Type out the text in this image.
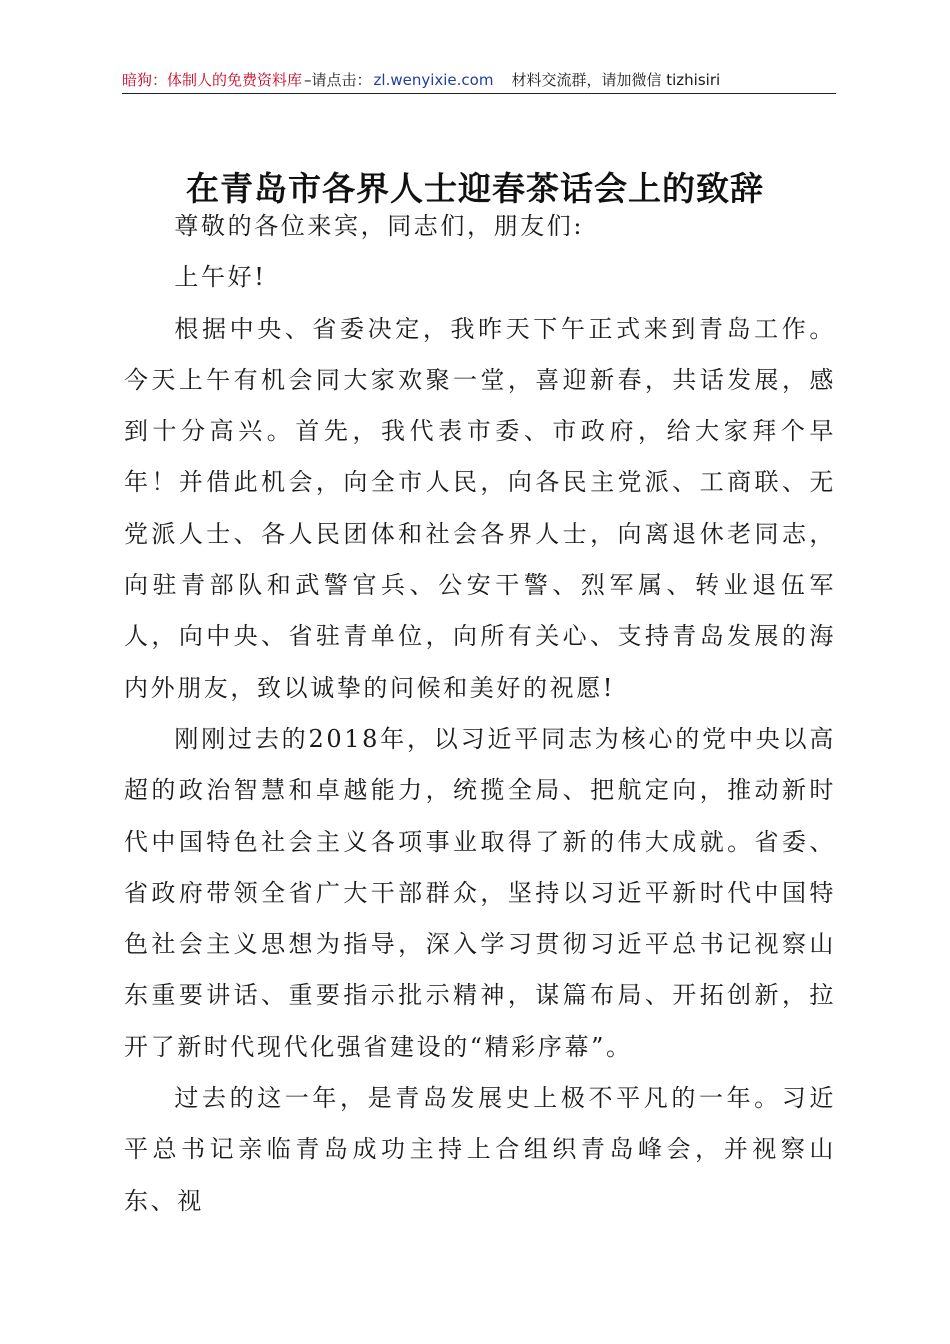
暗狗：体制人的免费资料库 –请点击： zl.wenyixie.com 材料交流群，请加微信 tizhisiri
在青岛市各界人士迎春茶话会上的致辞

尊敬的各位来宾，同志们，朋友们:

上午好!

根据中央、省委决定，我昨天下午正式来到青岛工作。今天上午有机会同大家欢聚一堂，喜迎新春，共话发展，感到十分高兴。首先，我代表市委、市政府，给大家拜个早年！并借此机会，向全市人民，向各民主党派、工商联、无党派人士、各人民团体和社会各界人士，向离退休老同志，向驻青部队和武警官兵、公安干警、烈军属、转业退伍军人，向中央、省驻青单位，向所有关心、支持青岛发展的海内外朋友，致以诚挚的问候和美好的祝愿!

刚刚过去的2018年，以习近平同志为核心的党中央以高超的政治智慧和卓越能力，统揽全局、把航定向，推动新时代中国特色社会主义各项事业取得了新的伟大成就。省委、省政府带领全省广大干部群众，坚持以习近平新时代中国特色社会主义思想为指导，深入学习贯彻习近平总书记视察山东重要讲话、重要指示批示精神，谋篇布局、开拓创新，拉开了新时代现代化强省建设的“精彩序幕”。

过去的这一年，是青岛发展史上极不平凡的一年。习近平总书记亲临青岛成功主持上合组织青岛峰会，并视察山东、视
